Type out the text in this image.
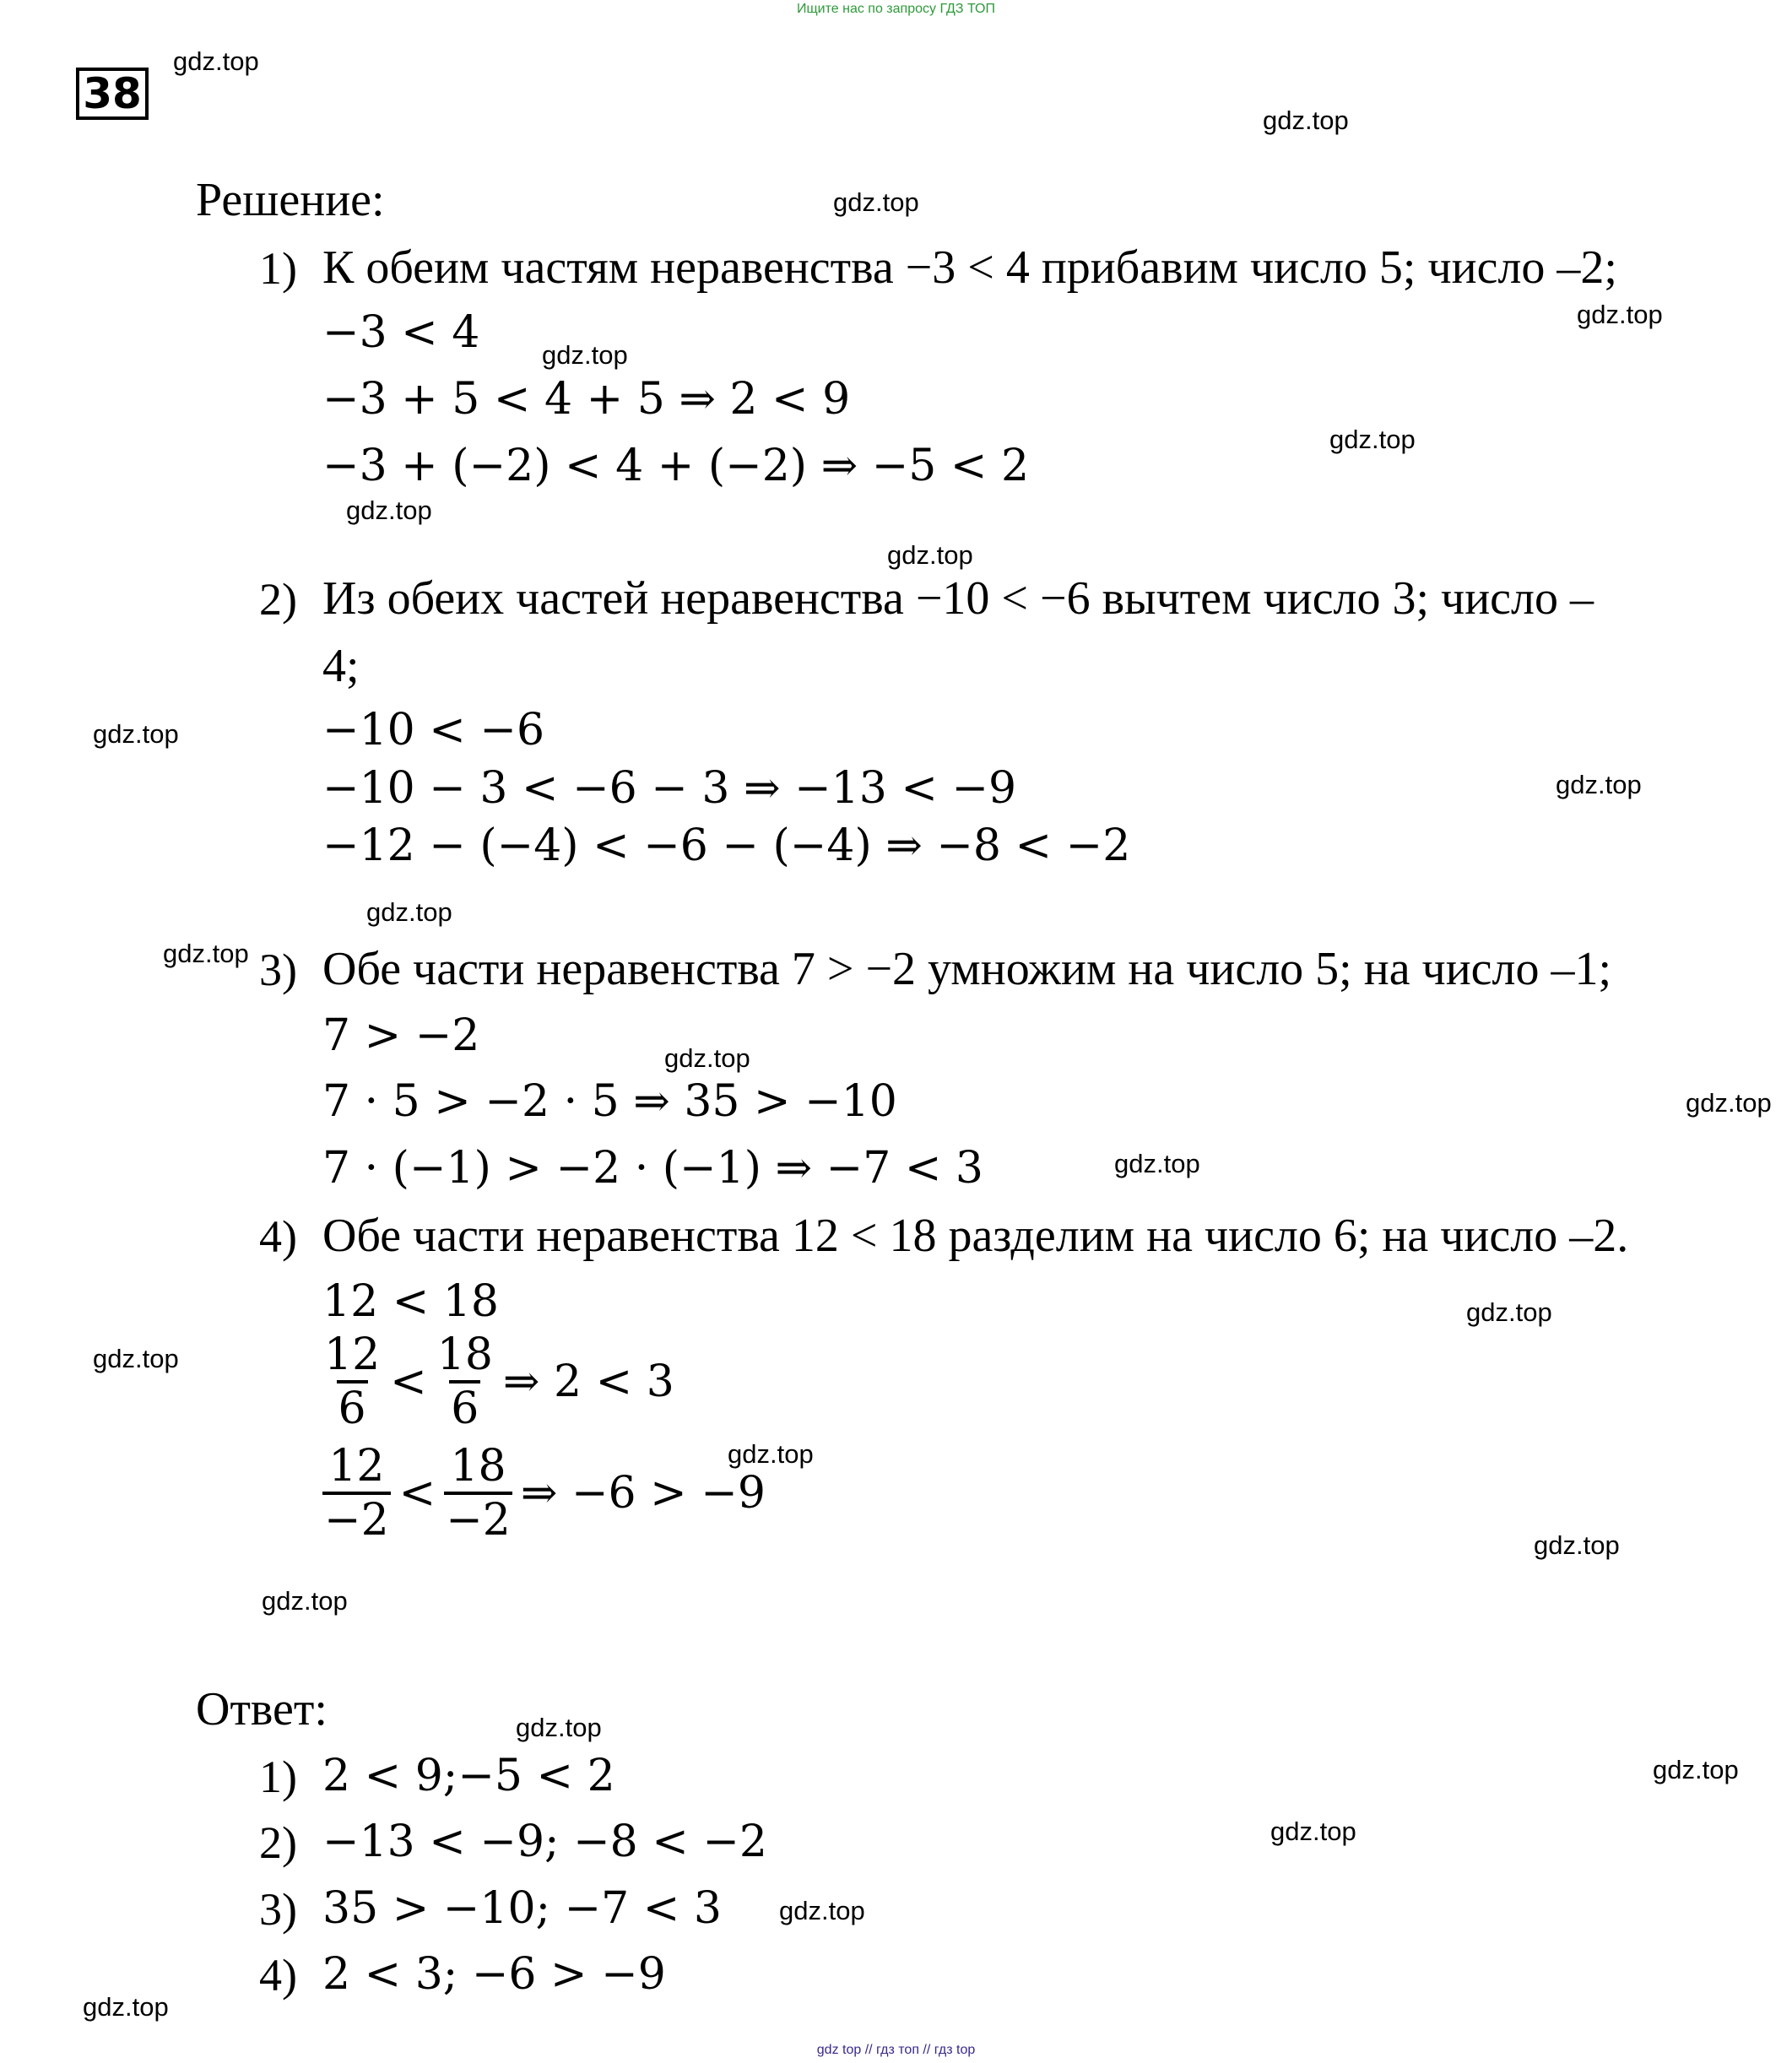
Ищите нас по запросу ГДЗ ТОП
38
gdz.top
gdz.top
gdz.top
gdz.top
gdz.top
gdz.top
gdz.top
gdz.top
gdz.top
gdz.top
gdz.top
gdz.top
gdz.top
gdz.top
gdz.top
gdz.top
gdz.top
gdz.top
gdz.top
gdz.top
gdz.top
gdz.top
gdz.top
gdz.top
gdz.top
Решение:
1) К обеим частям неравенства −3 < 4 прибавим число 5; число –2;
−3 < 4
−3 + 5 < 4 + 5 ⇒ 2 < 9
−3 + (−2) < 4 + (−2) ⇒ −5 < 2
2) Из обеих частей неравенства −10 < −6 вычтем число 3; число –
4;
−10 < −6
−10 − 3 < −6 − 3 ⇒ −13 < −9
−12 − (−4) < −6 − (−4) ⇒ −8 < −2
3) Обе части неравенства 7 > −2 умножим на число 5; на число –1;
7 > −2
7 · 5 > −2 · 5 ⇒ 35 > −10
7 · (−1) > −2 · (−1) ⇒ −7 < 3
4) Обе части неравенства 12 < 18 разделим на число 6; на число –2.
12 < 18
$\frac{12}{6} < \frac{18}{6}$ ⇒ 2 < 3
$\frac{12}{-2} < \frac{18}{-2}$ ⇒ −6 > −9
Ответ:
1) 2 < 9;−5 < 2
2) −13 < −9; −8 < −2
3) 35 > −10; −7 < 3
4) 2 < 3; −6 > −9
gdz top // гдз топ // гдз top
